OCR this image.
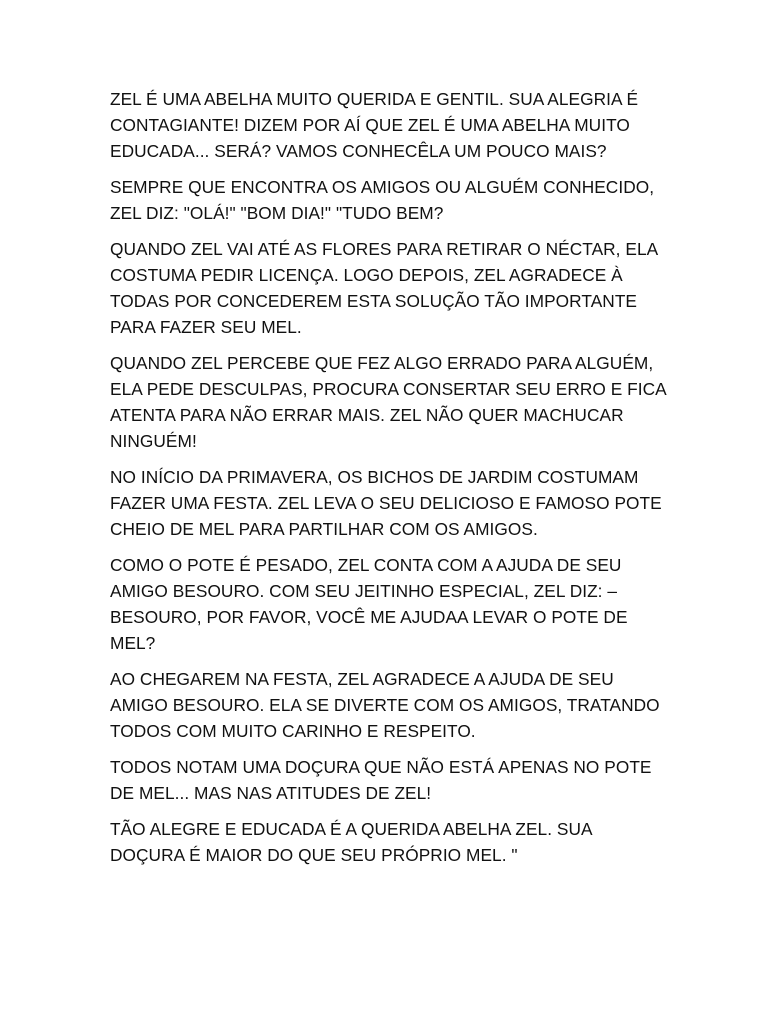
ZEL É UMA ABELHA MUITO QUERIDA E GENTIL. SUA ALEGRIA É
CONTAGIANTE! DIZEM POR AÍ QUE ZEL É UMA ABELHA MUITO
EDUCADA... SERÁ? VAMOS CONHECÊLA UM POUCO MAIS?

SEMPRE QUE ENCONTRA OS AMIGOS OU ALGUÉM CONHECIDO,
ZEL DIZ: "OLÁ!" "BOM DIA!" "TUDO BEM?

QUANDO ZEL VAI ATÉ AS FLORES PARA RETIRAR O NÉCTAR, ELA
COSTUMA PEDIR LICENÇA. LOGO DEPOIS, ZEL AGRADECE À
TODAS POR CONCEDEREM ESTA SOLUÇÃO TÃO IMPORTANTE
PARA FAZER SEU MEL.

QUANDO ZEL PERCEBE QUE FEZ ALGO ERRADO PARA ALGUÉM,
ELA PEDE DESCULPAS, PROCURA CONSERTAR SEU ERRO E FICA
ATENTA PARA NÃO ERRAR MAIS. ZEL NÃO QUER MACHUCAR
NINGUÉM!

NO INÍCIO DA PRIMAVERA, OS BICHOS DE JARDIM COSTUMAM
FAZER UMA FESTA. ZEL LEVA O SEU DELICIOSO E FAMOSO POTE
CHEIO DE MEL PARA PARTILHAR COM OS AMIGOS.

COMO O POTE É PESADO, ZEL CONTA COM A AJUDA DE SEU
AMIGO BESOURO. COM SEU JEITINHO ESPECIAL, ZEL DIZ: –
BESOURO, POR FAVOR, VOCÊ ME AJUDAA LEVAR O POTE DE
MEL?

AO CHEGAREM NA FESTA, ZEL AGRADECE A AJUDA DE SEU
AMIGO BESOURO. ELA SE DIVERTE COM OS AMIGOS, TRATANDO
TODOS COM MUITO CARINHO E RESPEITO.

TODOS NOTAM UMA DOÇURA QUE NÃO ESTÁ APENAS NO POTE
DE MEL... MAS NAS ATITUDES DE ZEL!

TÃO ALEGRE E EDUCADA É A QUERIDA ABELHA ZEL. SUA
DOÇURA É MAIOR DO QUE SEU PRÓPRIO MEL. "
